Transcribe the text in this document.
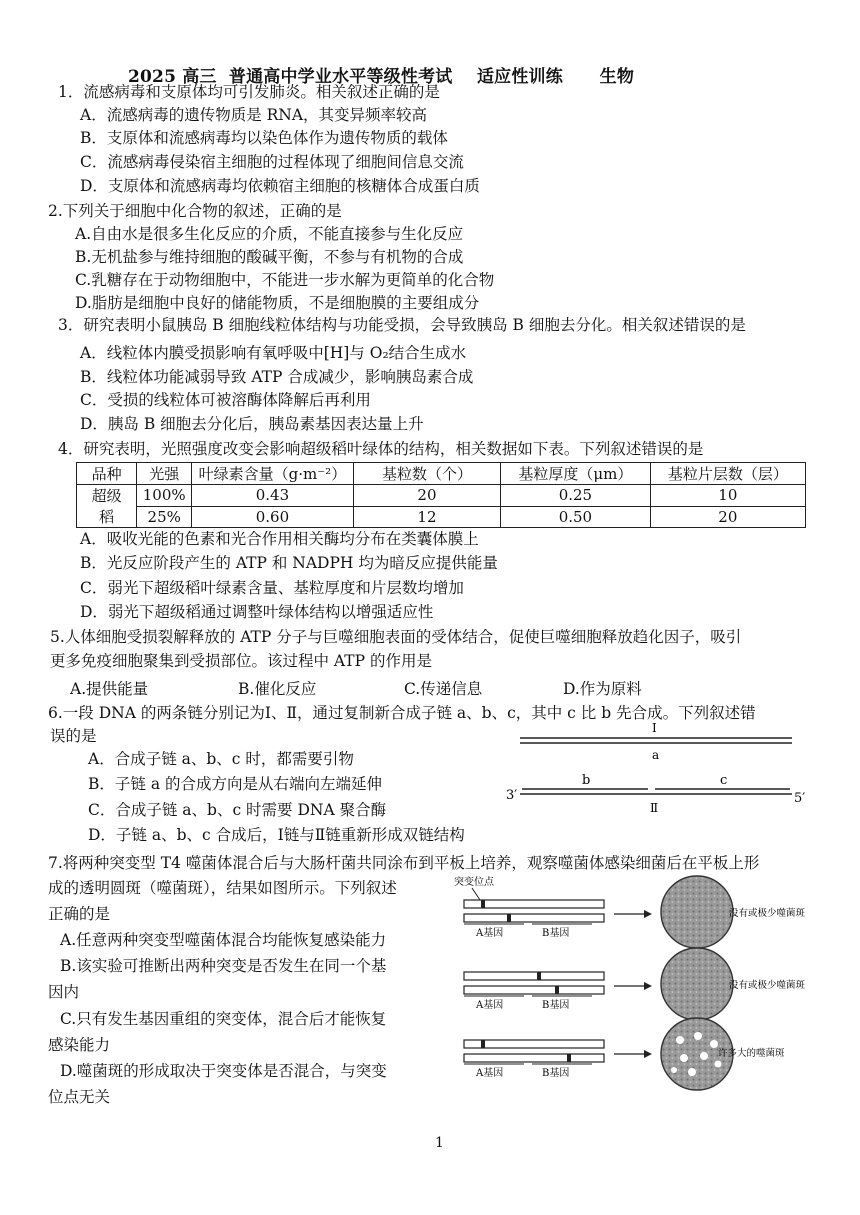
2025 高三  普通高中学业水平等级性考试    适应性训练      生物
1．流感病毒和支原体均可引发肺炎。相关叙述正确的是
A．流感病毒的遗传物质是 RNA，其变异频率较高
B．支原体和流感病毒均以染色体作为遗传物质的载体
C．流感病毒侵染宿主细胞的过程体现了细胞间信息交流
D．支原体和流感病毒均依赖宿主细胞的核糖体合成蛋白质
2.下列关于细胞中化合物的叙述，正确的是
A.自由水是很多生化反应的介质，不能直接参与生化反应
B.无机盐参与维持细胞的酸碱平衡，不参与有机物的合成
C.乳糖存在于动物细胞中，不能进一步水解为更简单的化合物
D.脂肪是细胞中良好的储能物质，不是细胞膜的主要组成分
3．研究表明小鼠胰岛 B 细胞线粒体结构与功能受损，会导致胰岛 B 细胞去分化。相关叙述错误的是
A．线粒体内膜受损影响有氧呼吸中[H]与 O₂结合生成水
B．线粒体功能减弱导致 ATP 合成减少，影响胰岛素合成
C．受损的线粒体可被溶酶体降解后再利用
D．胰岛 B 细胞去分化后，胰岛素基因表达量上升
4．研究表明，光照强度改变会影响超级稻叶绿体的结构，相关数据如下表。下列叙述错误的是
品种	光强	叶绿素含量（g·m⁻²）	基粒数（个）	基粒厚度（μm）	基粒片层数（层）
超级	100%	0.43	20	0.25	10
稻	25%	0.60	12	0.50	20
A．吸收光能的色素和光合作用相关酶均分布在类囊体膜上
B．光反应阶段产生的 ATP 和 NADPH 均为暗反应提供能量
C．弱光下超级稻叶绿素含量、基粒厚度和片层数均增加
D．弱光下超级稻通过调整叶绿体结构以增强适应性
5.人体细胞受损裂解释放的 ATP 分子与巨噬细胞表面的受体结合，促使巨噬细胞释放趋化因子，吸引
更多免疫细胞聚集到受损部位。该过程中 ATP 的作用是
A.提供能量	B.催化反应	C.传递信息	D.作为原料
6.一段 DNA 的两条链分别记为Ⅰ、Ⅱ，通过复制新合成子链 a、b、c，其中 c 比 b 先合成。下列叙述错
误的是
A．合成子链 a、b、c 时，都需要引物
B．子链 a 的合成方向是从右端向左端延伸
C．合成子链 a、b、c 时需要 DNA 聚合酶
D．子链 a、b、c 合成后，Ⅰ链与Ⅱ链重新形成双链结构
Ⅰ
a
b	c
3′	5′
Ⅱ
7.将两种突变型 T4 噬菌体混合后与大肠杆菌共同涂布到平板上培养，观察噬菌体感染细菌后在平板上形
成的透明圆斑（噬菌斑），结果如图所示。下列叙述
正确的是
A.任意两种突变型噬菌体混合均能恢复感染能力
B.该实验可推断出两种突变是否发生在同一个基
因内
C.只有发生基因重组的突变体，混合后才能恢复
感染能力
D.噬菌斑的形成取决于突变体是否混合，与突变
位点无关
突变位点
A基因	B基因
没有或极少噬菌斑
A基因	B基因
没有或极少噬菌斑
A基因	B基因
许多大的噬菌斑
1
